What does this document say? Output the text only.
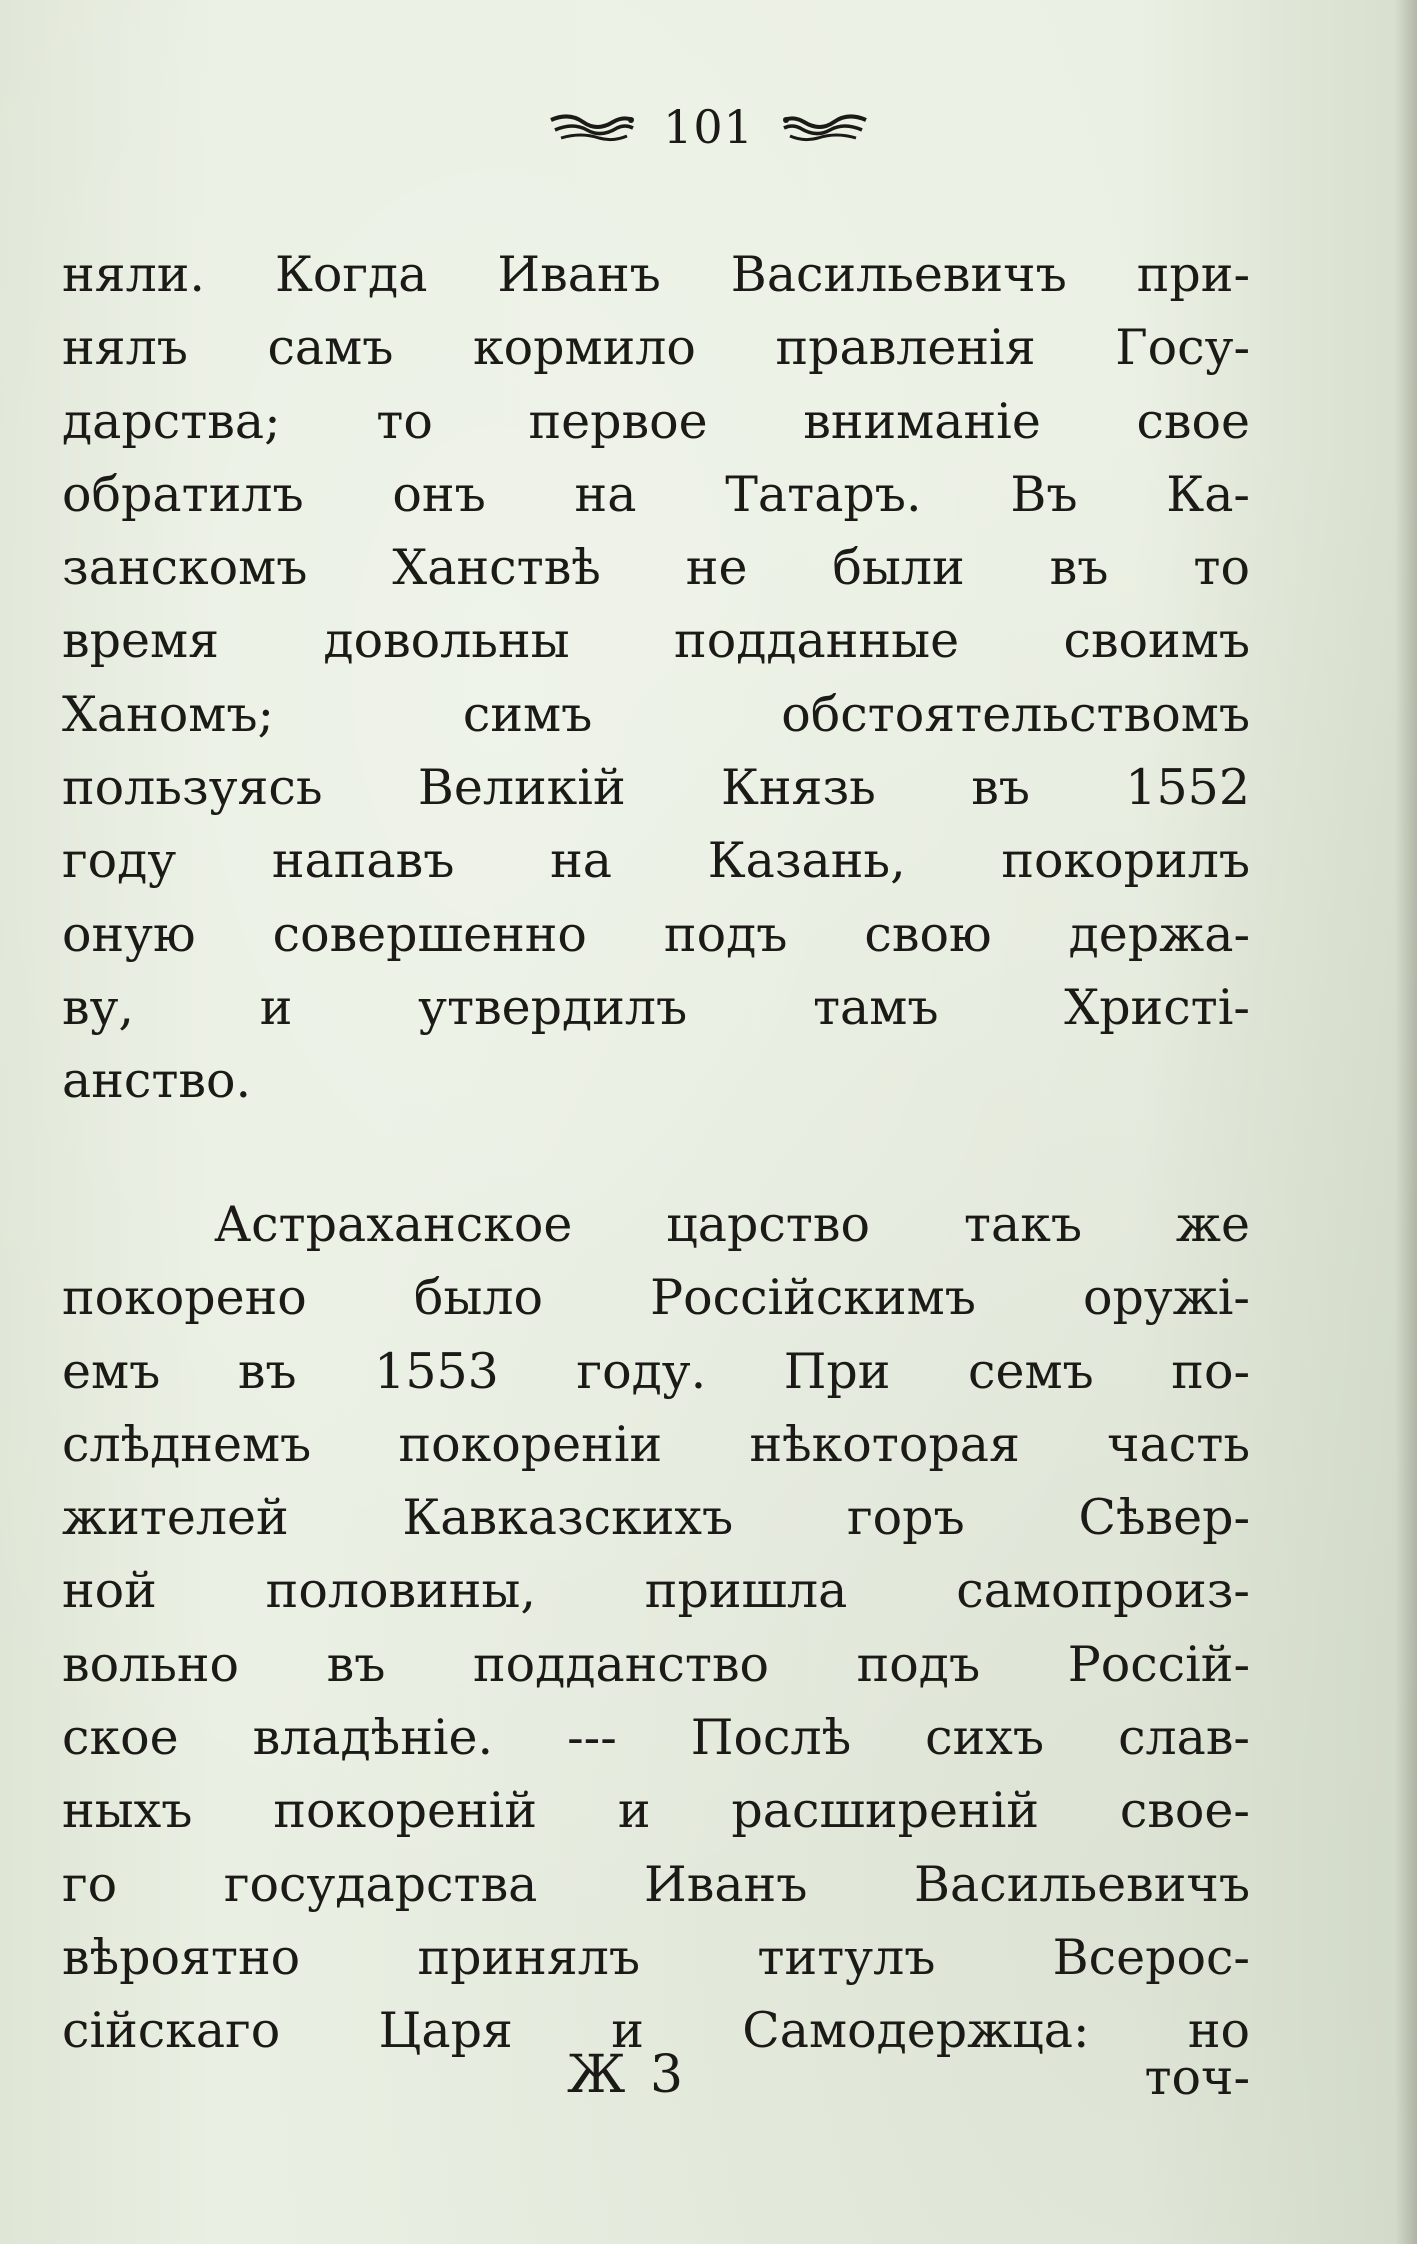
101
няли. Когда Иванъ Васильевичъ при-
нялъ самъ кормило правленія Госу-
дарства; то первое вниманіе свое
обратилъ онъ на Татаръ. Въ Ка-
занскомъ Ханствѣ не были въ то
время довольны подданные своимъ
Ханомъ; симъ обстоятельствомъ
пользуясь Великій Князь въ 1552
году напавъ на Казань, покорилъ
оную совершенно подъ свою держа-
ву, и утвердилъ тамъ Христі-
анство.
Астраханское царство такъ же
покорено было Россійскимъ оружі-
емъ въ 1553 году. При семъ по-
слѣднемъ покореніи нѣкоторая часть
жителей Кавказскихъ горъ Сѣвер-
ной половины, пришла самопроиз-
вольно въ подданство подъ Россій-
ское владѣніе. --- Послѣ сихъ слав-
ныхъ покореній и расширеній свое-
го государства Иванъ Васильевичъ
вѣроятно принялъ титулъ Всерос-
сійскаго Царя и Самодержца: но
Ж 3	точ-
